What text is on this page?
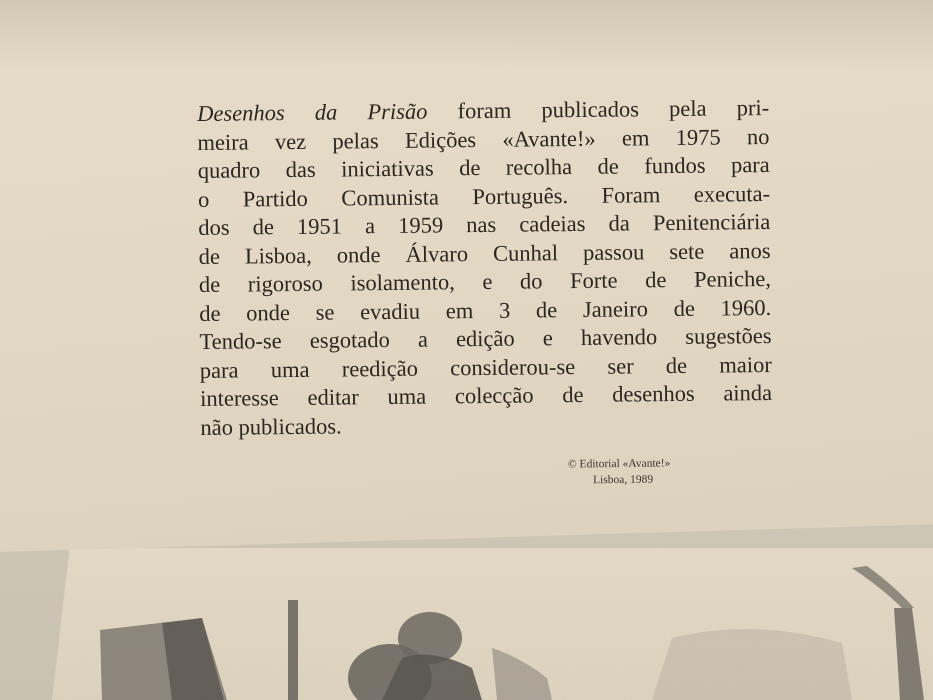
Desenhos da Prisão foram publicados pela pri-
meira vez pelas Edições «Avante!» em 1975 no
quadro das iniciativas de recolha de fundos para
o Partido Comunista Português. Foram executa-
dos de 1951 a 1959 nas cadeias da Penitenciária
de Lisboa, onde Álvaro Cunhal passou sete anos
de rigoroso isolamento, e do Forte de Peniche,
de onde se evadiu em 3 de Janeiro de 1960.
Tendo-se esgotado a edição e havendo sugestões
para uma reedição considerou-se ser de maior
interesse editar uma colecção de desenhos ainda
não publicados.
© Editorial «Avante!»
Lisboa, 1989
